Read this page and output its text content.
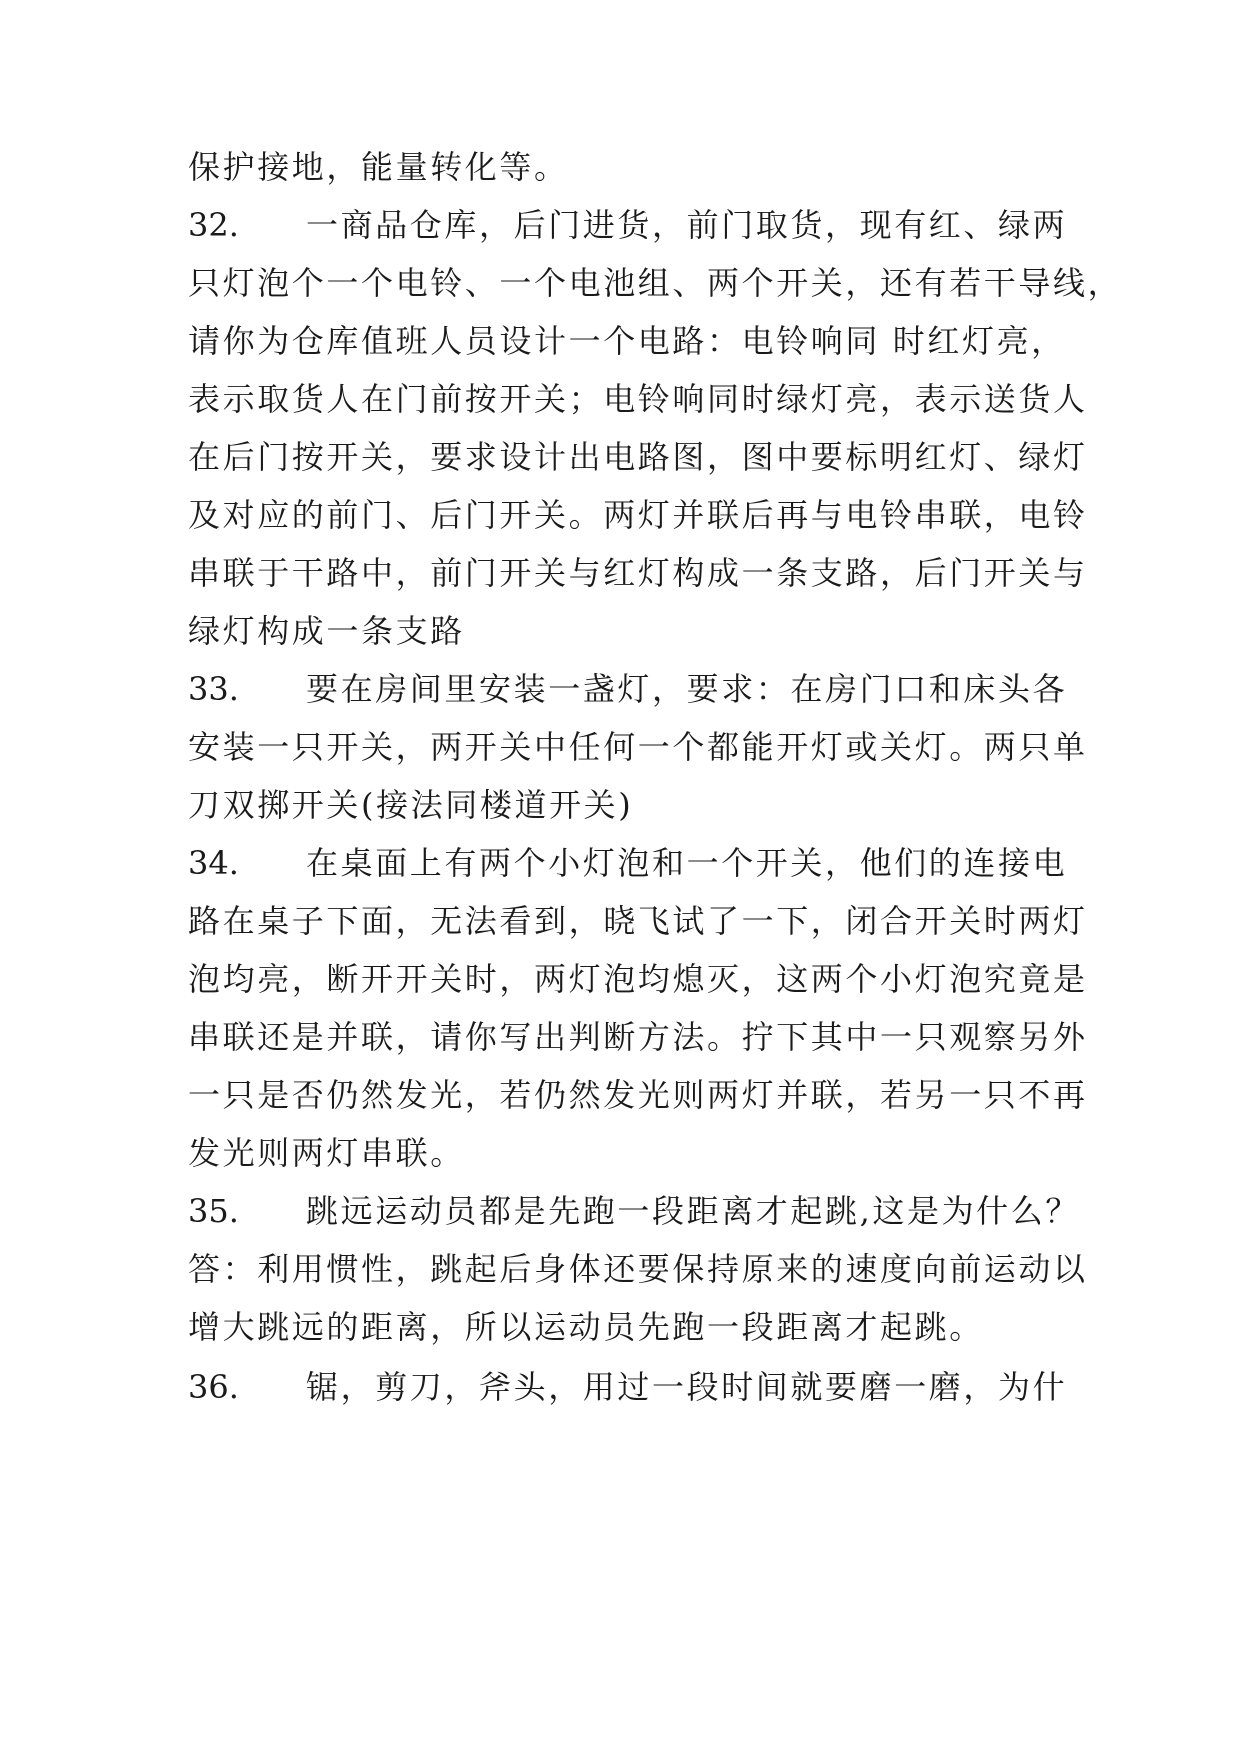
保护接地，能量转化等。
32. 一商品仓库，后门进货，前门取货，现有红、绿两
只灯泡个一个电铃、一个电池组、两个开关，还有若干导线，
请你为仓库值班人员设计一个电路：电铃响同 时红灯亮，
表示取货人在门前按开关；电铃响同时绿灯亮，表示送货人
在后门按开关，要求设计出电路图，图中要标明红灯、绿灯
及对应的前门、后门开关。两灯并联后再与电铃串联，电铃
串联于干路中，前门开关与红灯构成一条支路，后门开关与
绿灯构成一条支路
33. 要在房间里安装一盏灯，要求：在房门口和床头各
安装一只开关，两开关中任何一个都能开灯或关灯。两只单
刀双掷开关(接法同楼道开关)
34. 在桌面上有两个小灯泡和一个开关，他们的连接电
路在桌子下面，无法看到，晓飞试了一下，闭合开关时两灯
泡均亮，断开开关时，两灯泡均熄灭，这两个小灯泡究竟是
串联还是并联，请你写出判断方法。拧下其中一只观察另外
一只是否仍然发光，若仍然发光则两灯并联，若另一只不再
发光则两灯串联。
35. 跳远运动员都是先跑一段距离才起跳,这是为什么？
答：利用惯性，跳起后身体还要保持原来的速度向前运动以
增大跳远的距离，所以运动员先跑一段距离才起跳。
36. 锯，剪刀，斧头，用过一段时间就要磨一磨，为什
